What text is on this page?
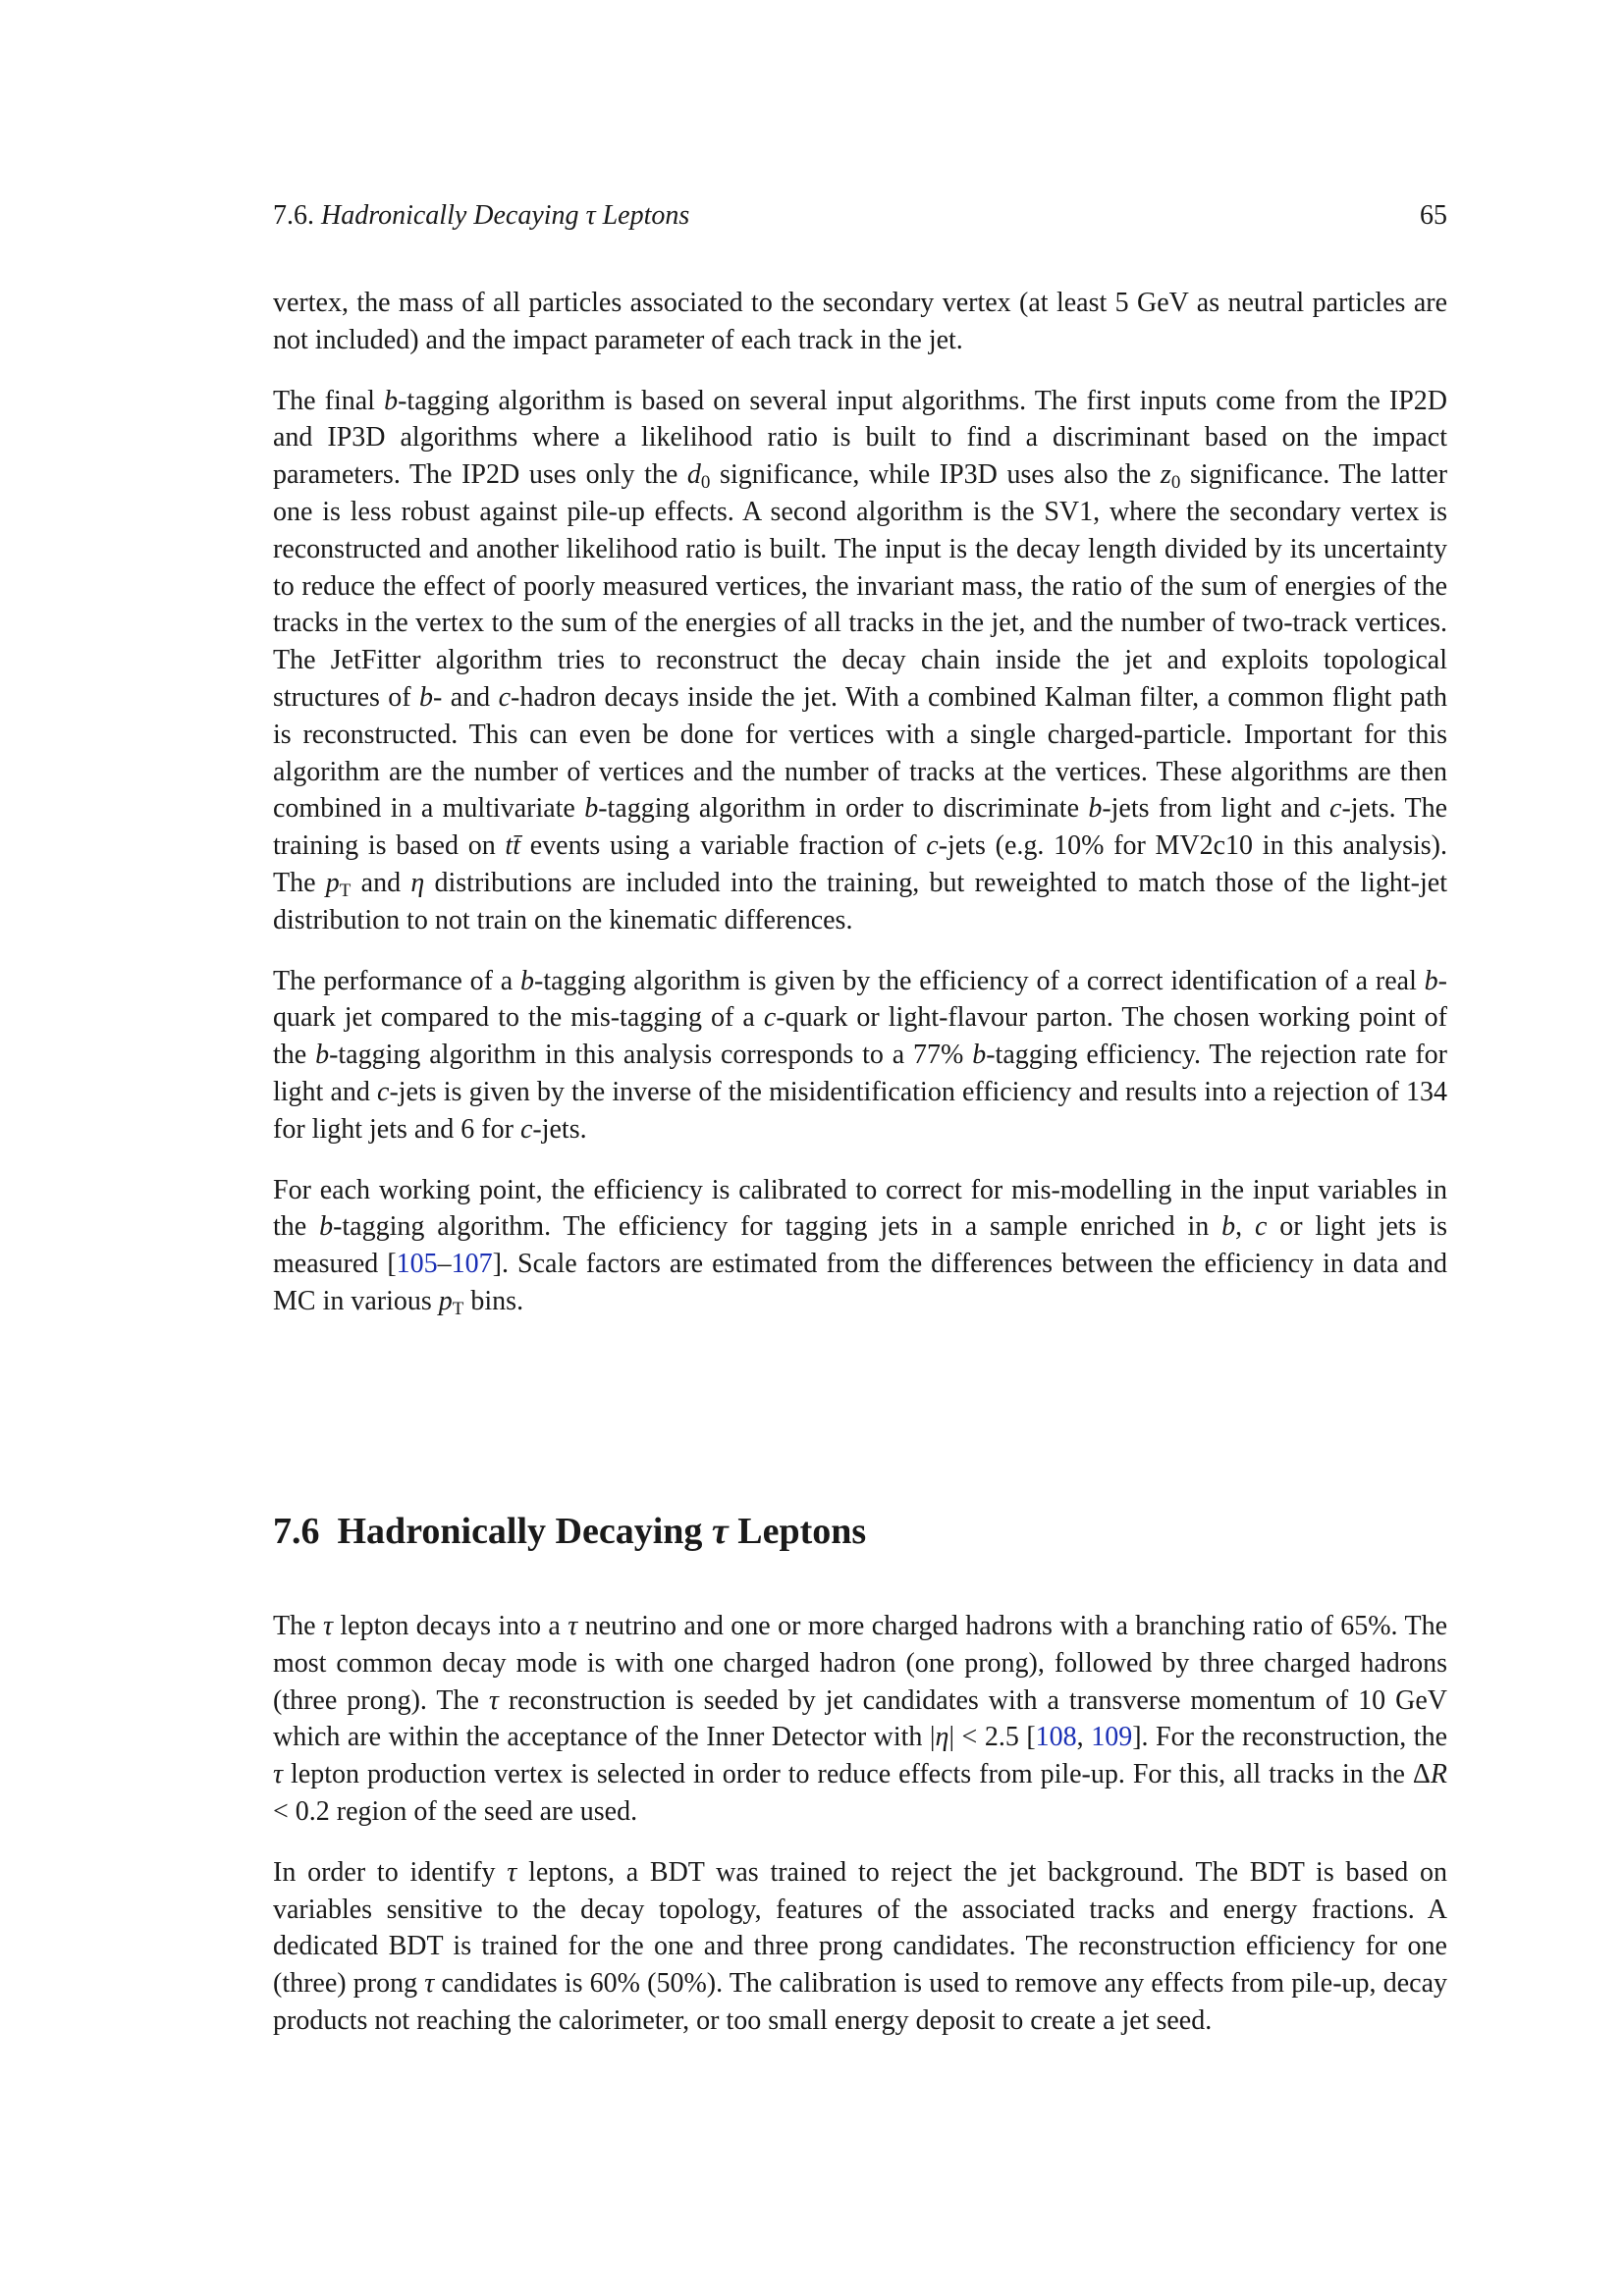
7.6. Hadronically Decaying τ Leptons	65

vertex, the mass of all particles associated to the secondary vertex (at least 5 GeV as neutral particles are not included) and the impact parameter of each track in the jet.

The final b-tagging algorithm is based on several input algorithms. The first inputs come from the IP2D and IP3D algorithms where a likelihood ratio is built to find a discriminant based on the impact parameters. The IP2D uses only the $d_0$ significance, while IP3D uses also the $z_0$ significance. The latter one is less robust against pile-up effects. A second algorithm is the SV1, where the secondary vertex is reconstructed and another likelihood ratio is built. The input is the decay length divided by its uncertainty to reduce the effect of poorly measured vertices, the invariant mass, the ratio of the sum of energies of the tracks in the vertex to the sum of the energies of all tracks in the jet, and the number of two-track vertices. The JetFitter algorithm tries to reconstruct the decay chain inside the jet and exploits topological structures of b- and c-hadron decays inside the jet. With a combined Kalman filter, a common flight path is reconstructed. This can even be done for vertices with a single charged-particle. Important for this algorithm are the number of vertices and the number of tracks at the vertices. These algorithms are then combined in a multivariate b-tagging algorithm in order to discriminate b-jets from light and c-jets. The training is based on tt̄ events using a variable fraction of c-jets (e.g. 10% for MV2c10 in this analysis). The $p_T$ and η distributions are included into the training, but reweighted to match those of the light-jet distribution to not train on the kinematic differences.

The performance of a b-tagging algorithm is given by the efficiency of a correct identification of a real b-quark jet compared to the mis-tagging of a c-quark or light-flavour parton. The chosen working point of the b-tagging algorithm in this analysis corresponds to a 77% b-tagging efficiency. The rejection rate for light and c-jets is given by the inverse of the misidentification efficiency and results into a rejection of 134 for light jets and 6 for c-jets.

For each working point, the efficiency is calibrated to correct for mis-modelling in the input variables in the b-tagging algorithm. The efficiency for tagging jets in a sample enriched in b, c or light jets is measured [105–107]. Scale factors are estimated from the differences between the efficiency in data and MC in various $p_T$ bins.

7.6 Hadronically Decaying τ Leptons

The τ lepton decays into a τ neutrino and one or more charged hadrons with a branching ratio of 65%. The most common decay mode is with one charged hadron (one prong), followed by three charged hadrons (three prong). The τ reconstruction is seeded by jet candidates with a transverse momentum of 10 GeV which are within the acceptance of the Inner Detector with |η| < 2.5 [108, 109]. For the reconstruction, the τ lepton production vertex is selected in order to reduce effects from pile-up. For this, all tracks in the ΔR < 0.2 region of the seed are used.

In order to identify τ leptons, a BDT was trained to reject the jet background. The BDT is based on variables sensitive to the decay topology, features of the associated tracks and energy fractions. A dedicated BDT is trained for the one and three prong candidates. The reconstruction efficiency for one (three) prong τ candidates is 60% (50%). The calibration is used to remove any effects from pile-up, decay products not reaching the calorimeter, or too small energy deposit to create a jet seed.
